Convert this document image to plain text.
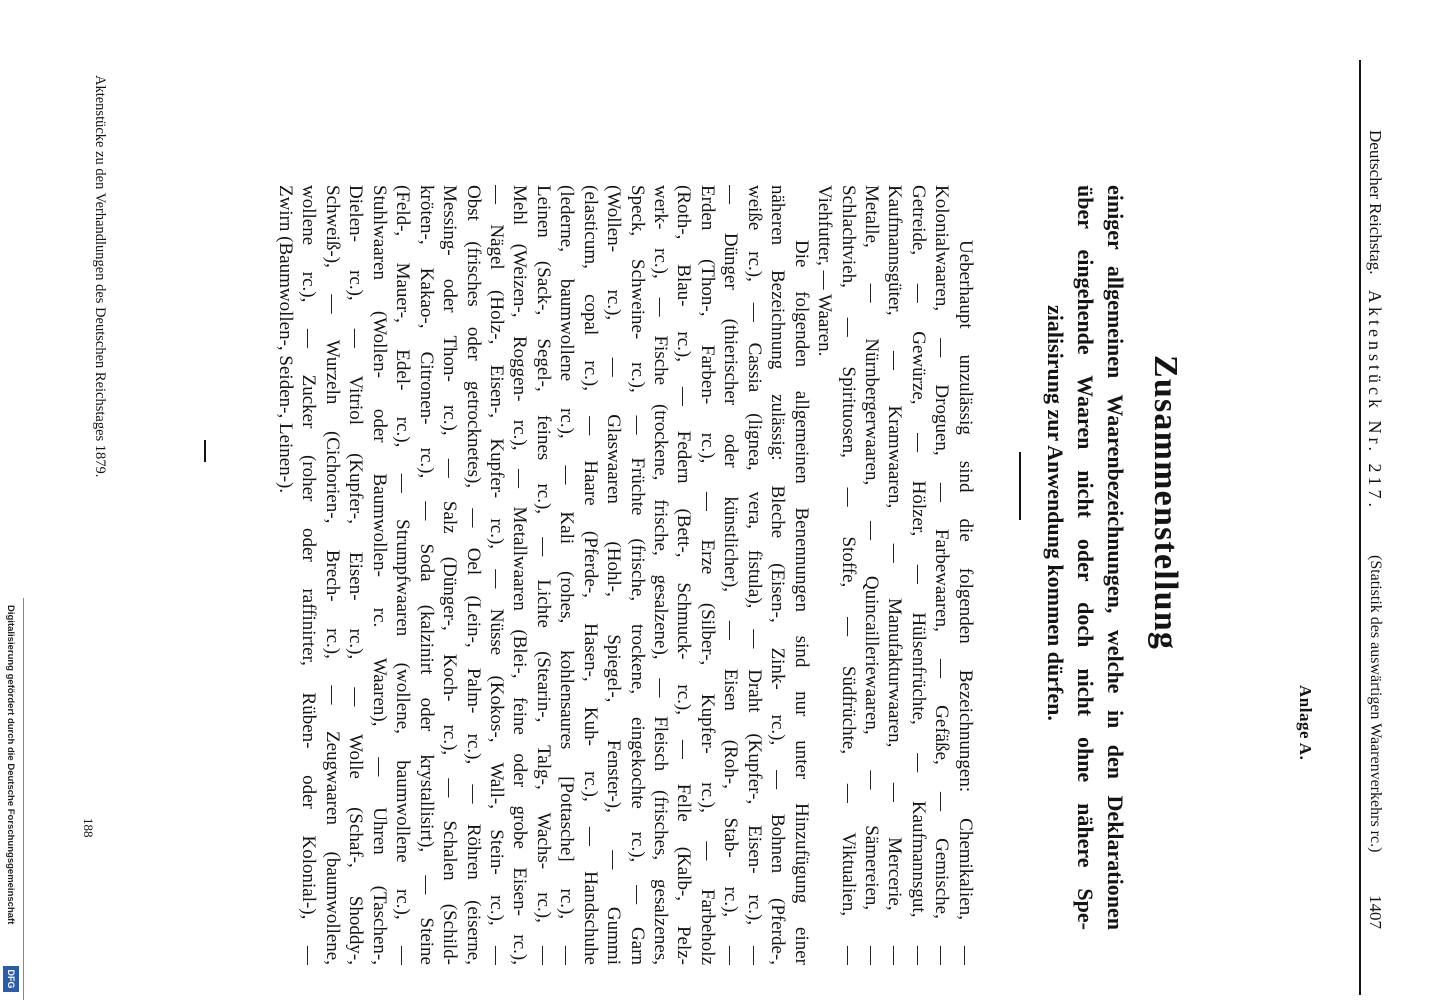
Deutscher Reichstag.
Aktenstück Nr. 217.
(Statistik des auswärtigen Waarenverkehrs rc.)
1407
Anlage A.
Zusammenstellung
einiger allgemeinen Waarenbezeichnungen, welche in den Deklarationen
über eingehende Waaren nicht oder doch nicht ohne nähere Spe-
zialisirung zur Anwendung kommen dürfen.
Ueberhaupt unzulässig sind die folgenden Bezeichnungen: Chemikalien, —
Kolonialwaaren, — Droguen, — Farbewaaren, — Gefäße, — Gemische, —
Getreide, — Gewürze, — Hölzer, — Hülsenfrüchte, — Kaufmannsgut, —
Kaufmannsgüter, — Kramwaaren, — Manufakturwaaren, — Mercerie, —
Metalle, — Nürnbergerwaaren, — Quincailleriewaaren, — Sämereien, —
Schlachtvieh, — Spirituosen, — Stoffe, — Südfrüchte, — Viktualien, —
Viehfutter, — Waaren.
Die folgenden allgemeinen Benennungen sind nur unter Hinzufügung einer
näheren Bezeichnung zulässig: Bleche (Eisen-, Zink- rc.), — Bohnen (Pferde-,
weiße rc.), — Cassia (lignea, vera, fistula), — Draht (Kupfer-, Eisen- rc.), —
— Dünger (thierischer oder künstlicher), — Eisen (Roh-, Stab- rc.), —
Erden (Thon-, Farben- rc.), — Erze (Silber-, Kupfer- rc.), — Farbeholz
(Roth-, Blau- rc.), — Federn (Bett-, Schmuck- rc.), — Felle (Kalb-, Pelz-
werk- rc.), — Fische (trockene, frische, gesalzene), — Fleisch (frisches, gesalzenes,
Speck, Schweine- rc.), — Früchte (frische, trockene, eingekochte rc.), — Garn
(Wollen- rc.), — Glaswaaren (Hohl-, Spiegel-, Fenster-), — Gummi
(elasticum, copal rc.), — Haare (Pferde-, Hasen-, Kuh- rc.), — Handschuhe
(lederne, baumwollene rc.), — Kali (rohes, kohlensaures [Pottasche] rc.), —
Leinen (Sack-, Segel-, feines rc.), — Lichte (Stearin-, Talg-, Wachs- rc.), —
Mehl (Weizen-, Roggen- rc.), — Metallwaaren (Blei-, feine oder grobe Eisen- rc.),
— Nägel (Holz-, Eisen-, Kupfer- rc.), — Nüsse (Kokos-, Wall-, Stein- rc.), —
Obst (frisches oder getrocknetes), — Oel (Lein-, Palm- rc.), — Röhren (eiserne,
Messing- oder Thon- rc.), — Salz (Dünger-, Koch- rc.), — Schalen (Schild-
kröten-, Kakao-, Citronen- rc.), — Soda (kalzinirt oder krystallisirt), — Steine
(Feld-, Mauer-, Edel- rc.), — Strumpfwaaren (wollene, baumwollene rc.), —
Stuhlwaaren (Wollen- oder Baumwollen- rc. Waaren), — Uhren (Taschen-,
Dielen- rc.), — Vitriol (Kupfer-, Eisen- rc.), — Wolle (Schaf-, Shoddy-,
Schweiß-), — Wurzeln (Cichorien-, Brech- rc.), — Zeugwaaren (baumwollene,
wollene rc.), — Zucker (roher oder raffinirter, Rüben- oder Kolonial-), —
Zwirn (Baumwollen-, Seiden-, Leinen-).
Aktenstücke zu den Verhandlungen des Deutschen Reichstages 1879.
188
Digitalisierung gefördert durch die Deutsche Forschungsgemeinschaft
DFG
